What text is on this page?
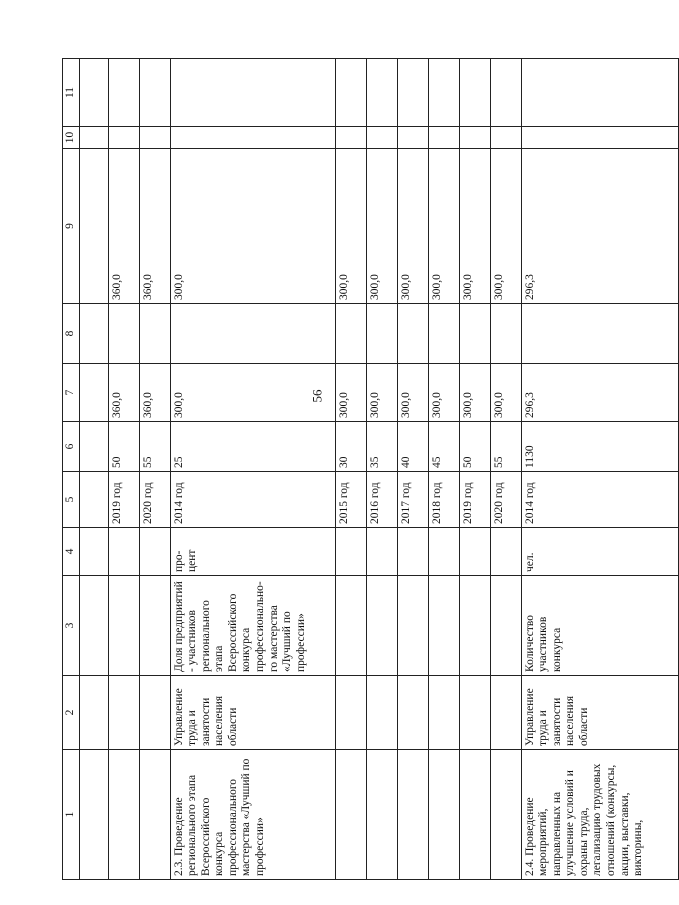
56
1	2	3	4	5	6	7	8	9	10	11

				2019 год	50	360,0		360,0		
				2020 год	55	360,0		360,0		
2.3. Проведение регионального этапа Всероссийского конкурса профессионального мастерства «Лучший по профессии»	Управление труда и занятости населения области	Доля предприятий - участников регионального этапа Всероссийского конкурса профессионально-го мастерства «Лучший по профессии»	про-цент	2014 год	25	300,0		300,0		
				2015 год	30	300,0		300,0		
				2016 год	35	300,0		300,0		
				2017 год	40	300,0		300,0		
				2018 год	45	300,0		300,0		
				2019 год	50	300,0		300,0		
				2020 год	55	300,0		300,0		
2.4. Проведение мероприятий, направленных на улучшение условий и охраны труда, легализацию трудовых отношений (конкурсы, акции, выставки, викторины,	Управление труда и занятости населения области	Количество участников конкурса	чел.	2014 год	1130	296,3		296,3		
